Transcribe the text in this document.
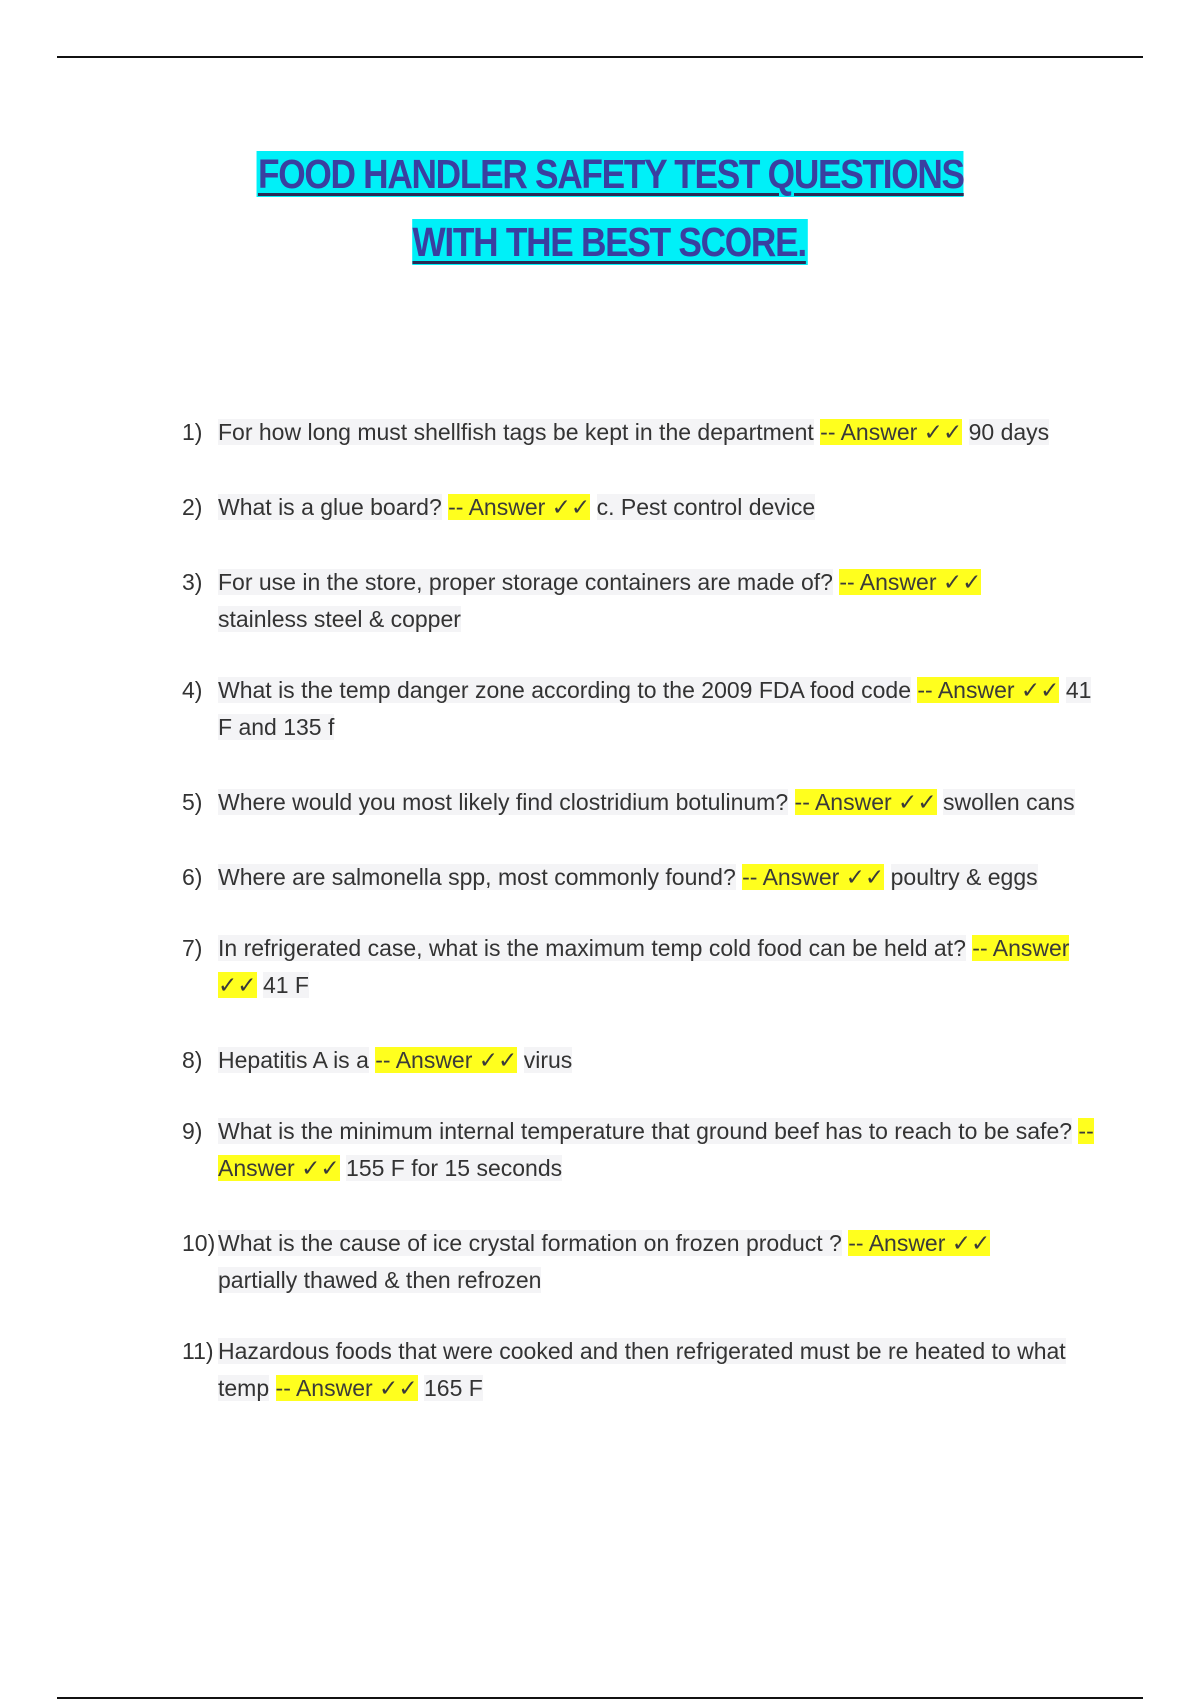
FOOD HANDLER SAFETY TEST QUESTIONS WITH THE BEST SCORE.
1) For how long must shellfish tags be kept in the department -- Answer ✓✓ 90 days
2) What is a glue board? -- Answer ✓✓ c. Pest control device
3) For use in the store, proper storage containers are made of? -- Answer ✓✓
stainless steel & copper
4) What is the temp danger zone according to the 2009 FDA food code -- Answer ✓✓ 41 F and 135 f
5) Where would you most likely find clostridium botulinum? -- Answer ✓✓ swollen cans
6) Where are salmonella spp, most commonly found? -- Answer ✓✓ poultry & eggs
7) In refrigerated case, what is the maximum temp cold food can be held at? -- Answer ✓✓ 41 F
8) Hepatitis A is a -- Answer ✓✓ virus
9) What is the minimum internal temperature that ground beef has to reach to be safe? -- Answer ✓✓ 155 F for 15 seconds
10) What is the cause of ice crystal formation on frozen product ? -- Answer ✓✓
partially thawed & then refrozen
11) Hazardous foods that were cooked and then refrigerated must be re heated to what temp -- Answer ✓✓ 165 F
